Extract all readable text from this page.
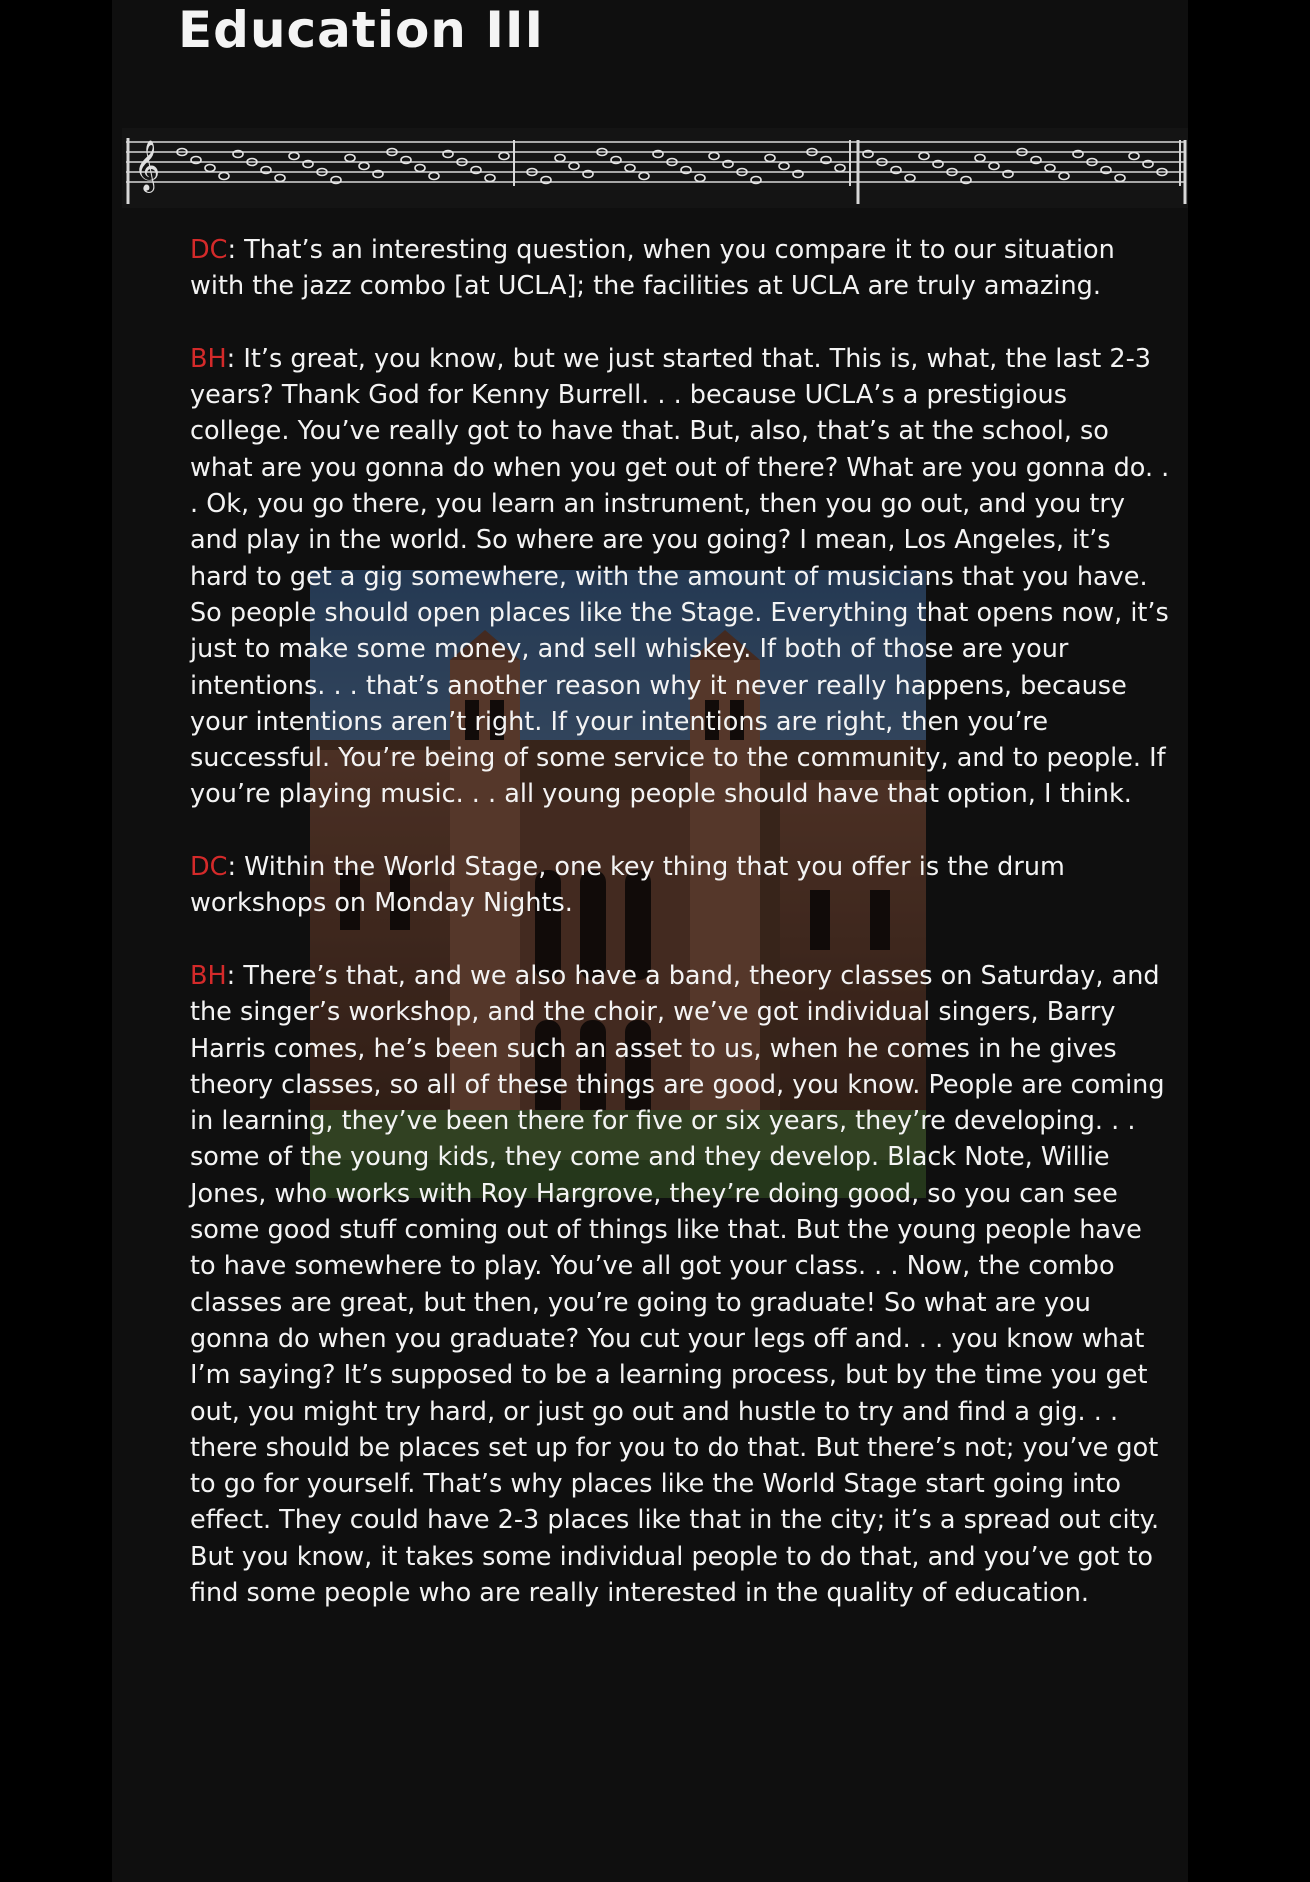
Education III
𝄞

DC: That’s an interesting question, when you compare it to our situation with the jazz combo [at UCLA]; the facilities at UCLA are truly amazing.

BH: It’s great, you know, but we just started that. This is, what, the last 2-3 years? Thank God for Kenny Burrell. . . because UCLA’s a prestigious college. You’ve really got to have that. But, also, that’s at the school, so what are you gonna do when you get out of there? What are you gonna do. . . Ok, you go there, you learn an instrument, then you go out, and you try and play in the world. So where are you going? I mean, Los Angeles, it’s hard to get a gig somewhere, with the amount of musicians that you have. So people should open places like the Stage. Everything that opens now, it’s just to make some money, and sell whiskey. If both of those are your intentions. . . that’s another reason why it never really happens, because your intentions aren’t right. If your intentions are right, then you’re successful. You’re being of some service to the community, and to people. If you’re playing music. . . all young people should have that option, I think.

DC: Within the World Stage, one key thing that you offer is the drum workshops on Monday Nights.

BH: There’s that, and we also have a band, theory classes on Saturday, and the singer’s workshop, and the choir, we’ve got individual singers, Barry Harris comes, he’s been such an asset to us, when he comes in he gives theory classes, so all of these things are good, you know. People are coming in learning, they’ve been there for five or six years, they’re developing. . . some of the young kids, they come and they develop. Black Note, Willie Jones, who works with Roy Hargrove, they’re doing good, so you can see some good stuff coming out of things like that. But the young people have to have somewhere to play. You’ve all got your class. . . Now, the combo classes are great, but then, you’re going to graduate! So what are you gonna do when you graduate? You cut your legs off and. . . you know what I’m saying? It’s supposed to be a learning process, but by the time you get out, you might try hard, or just go out and hustle to try and find a gig. . . there should be places set up for you to do that. But there’s not; you’ve got to go for yourself. That’s why places like the World Stage start going into effect. They could have 2-3 places like that in the city; it’s a spread out city. But you know, it takes some individual people to do that, and you’ve got to find some people who are really interested in the quality of education.
